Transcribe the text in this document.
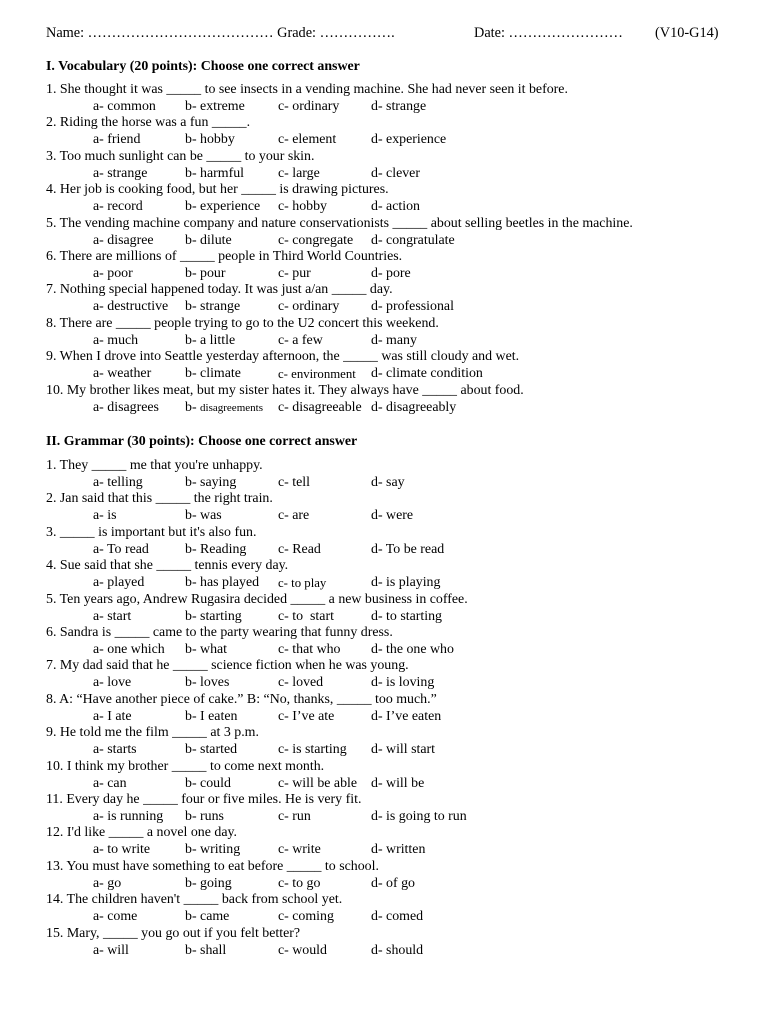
Name: ………………………………… Grade: …………….	Date: …………………… (V10-G14)
I. Vocabulary (20 points): Choose one correct answer
1. She thought it was _____ to see insects in a vending machine. She had never seen it before.
a- common b- extreme c- ordinary d- strange
2. Riding the horse was a fun _____.
a- friend	b- hobby	c- element	d- experience
3. Too much sunlight can be _____ to your skin.
a- strange	b- harmful c- large	d- clever
4. Her job is cooking food, but her _____ is drawing pictures.
a- record	b- experience c- hobby	d- action
5. The vending machine company and nature conservationists _____ about selling beetles in the machine.
a- disagree b- dilute	c- congregate d- congratulate
6. There are millions of _____ people in Third World Countries.
a- poor	b- pour	c- pur	d- pore
7. Nothing special happened today. It was just a/an _____ day.
a- destructive b- strange	c- ordinary d- professional
8. There are _____ people trying to go to the U2 concert this weekend.
a- much	b- a little	c- a few	d- many
9. When I drove into Seattle yesterday afternoon, the _____ was still cloudy and wet.
a- weather b- climate	c- environment d- climate condition
10. My brother likes meat, but my sister hates it. They always have _____ about food.
a- disagrees b- disagreements c- disagreeable d- disagreeably
II. Grammar (30 points): Choose one correct answer
1. They _____ me that you're unhappy.
a- telling	b- saying	c- tell	d- say
2. Jan said that this _____ the right train.
a- is	b- was	c- are	d- were
3. _____ is important but it's also fun.
a- To read	b- Reading c- Read	d- To be read
4. Sue said that she _____ tennis every day.
a- played	b- has played c- to play	d- is playing
5. Ten years ago, Andrew Rugasira decided _____ a new business in coffee.
a- start	b- starting	c- to  start	d- to starting
6. Sandra is _____ came to the party wearing that funny dress.
a- one which b- what	c- that who d- the one who
7. My dad said that he _____ science fiction when he was young.
a- love	b- loves	c- loved	d- is loving
8. A: “Have another piece of cake.” B: “No, thanks, _____ too much.”
a- I ate	b- I eaten	c- I’ve ate	d- I’ve eaten
9. He told me the film _____ at 3 p.m.
a- starts	b- started	c- is starting d- will start
10. I think my brother _____ to come next month.
a- can	b- could	c- will be able d- will be
11. Every day he _____ four or five miles. He is very fit.
a- is running b- runs	c- run	d- is going to run
12. I'd like _____ a novel one day.
a- to write	b- writing	c- write	d- written
13. You must have something to eat before _____ to school.
a- go	b- going	c- to go	d- of go
14. The children haven't _____ back from school yet.
a- come	b- came	c- coming	d- comed
15. Mary, _____ you go out if you felt better?
a- will	b- shall	c- would	d- should
